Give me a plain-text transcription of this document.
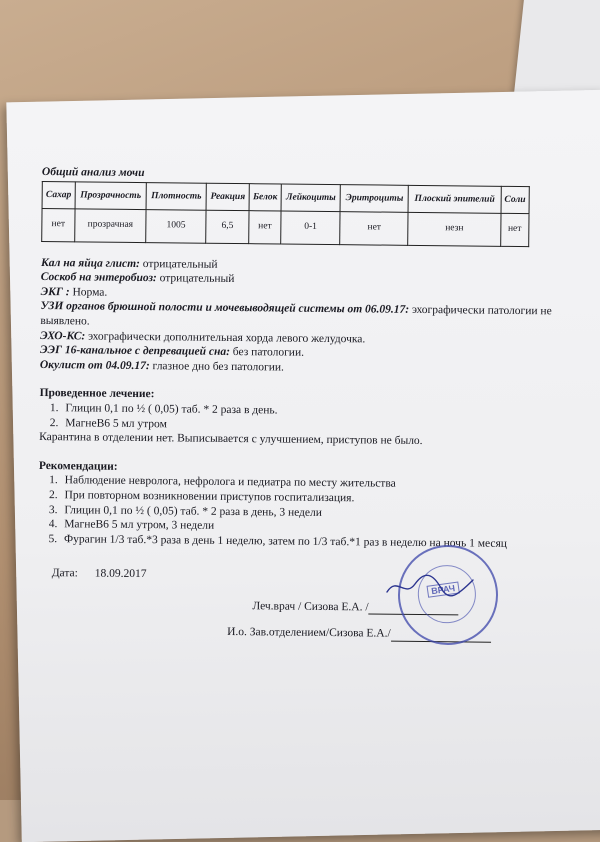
Общий анализ мочи
Сахар	Прозрачность	Плотность	Реакция	Белок	Лейкоциты	Эритроциты	Плоский эпителий	Соли
нет	прозрачная	1005	6,5	нет	0-1	нет	незн	нет

Кал на яйца глист: отрицательный

Соскоб на энтеробиоз: отрицательный

ЭКГ : Норма.

УЗИ органов брюшной полости и мочевыводящей системы от 06.09.17: эхографически патологии не выявлено.

ЭХО-КС: эхографически дополнительная хорда левого желудочка.

ЭЭГ 16-канальное с депревацией сна: без патологии.

Окулист от 04.09.17: глазное дно без патологии.

Проведенное лечение:
1. Глицин 0,1 по ½ ( 0,05) таб. * 2 раза в день.
2. МагнеВ6 5 мл утром
Карантина в отделении нет. Выписывается с улучшением, приступов не было.
Рекомендации:
1. Наблюдение невролога, нефролога и педиатра по месту жительства
2. При повторном возникновении приступов госпитализация.
3. Глицин 0,1 по ½ ( 0,05) таб. * 2 раза в день, 3 недели
4. МагнеВ6 5 мл утром, 3 недели
5. Фурагин 1/3 таб.*3 раза в день 1 неделю, затем по 1/3 таб.*1 раз в неделю на ночь 1 месяц
Дата: 18.09.2017
Леч.врач / Сизова Е.А. /
И.о. Зав.отделением/Сизова Е.А./
ВРАЧ
